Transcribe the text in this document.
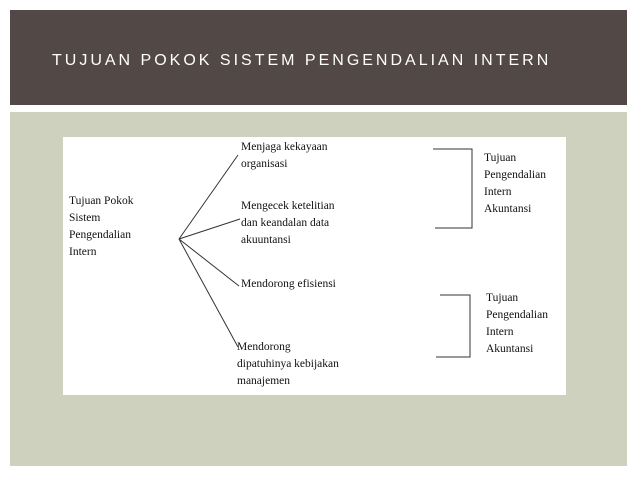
TUJUAN POKOK SISTEM PENGENDALIAN INTERN
Tujuan Pokok
Sistem
Pengendalian
Intern
Menjaga kekayaan
organisasi
Mengecek ketelitian
dan keandalan data
akuuntansi
Mendorong efisiensi
Mendorong
dipatuhinya kebijakan
manajemen
Tujuan
Pengendalian
Intern
Akuntansi
Tujuan
Pengendalian
Intern
Akuntansi
